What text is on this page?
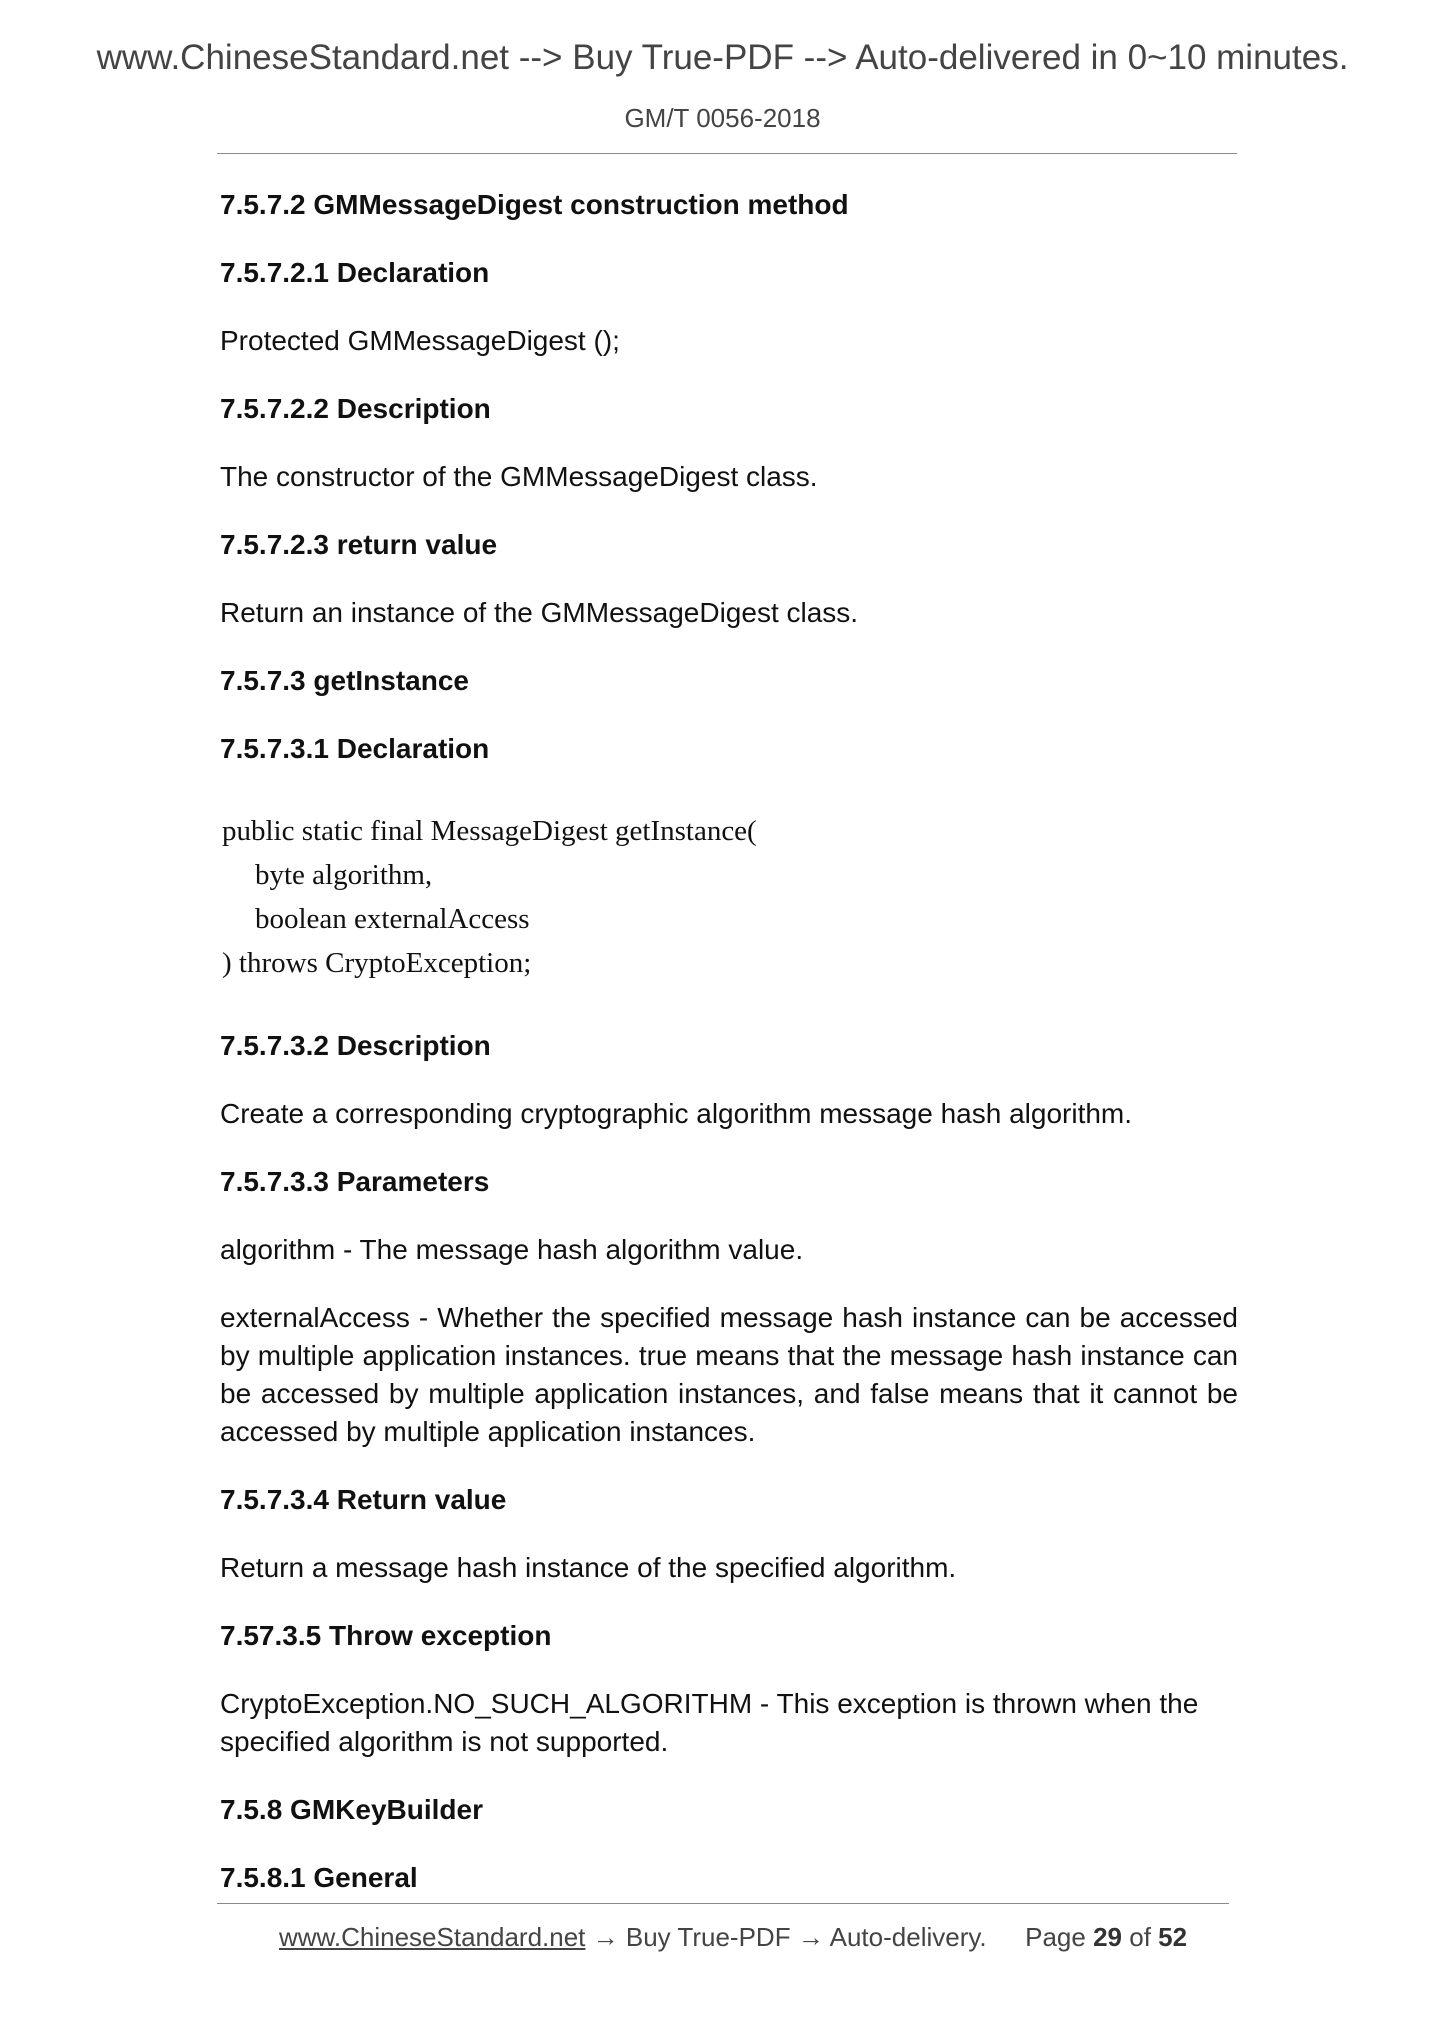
www.ChineseStandard.net --> Buy True-PDF --> Auto-delivered in 0~10 minutes.
GM/T 0056-2018

7.5.7.2 GMMessageDigest construction method

7.5.7.2.1 Declaration

Protected GMMessageDigest ();

7.5.7.2.2 Description

The constructor of the GMMessageDigest class.

7.5.7.2.3 return value

Return an instance of the GMMessageDigest class.

7.5.7.3 getInstance

7.5.7.3.1 Declaration

public static final MessageDigest getInstance(
byte algorithm,
boolean externalAccess
) throws CryptoException;

7.5.7.3.2 Description

Create a corresponding cryptographic algorithm message hash algorithm.

7.5.7.3.3 Parameters

algorithm - The message hash algorithm value.

externalAccess - Whether the specified message hash instance can be accessed by multiple application instances. true means that the message hash instance can be accessed by multiple application instances, and false means that it cannot be accessed by multiple application instances.

7.5.7.3.4 Return value

Return a message hash instance of the specified algorithm.

7.57.3.5 Throw exception

CryptoException.NO_SUCH_ALGORITHM - This exception is thrown when the specified algorithm is not supported.

7.5.8 GMKeyBuilder

7.5.8.1 General

www.ChineseStandard.net → Buy True-PDF → Auto-delivery. Page 29 of 52
